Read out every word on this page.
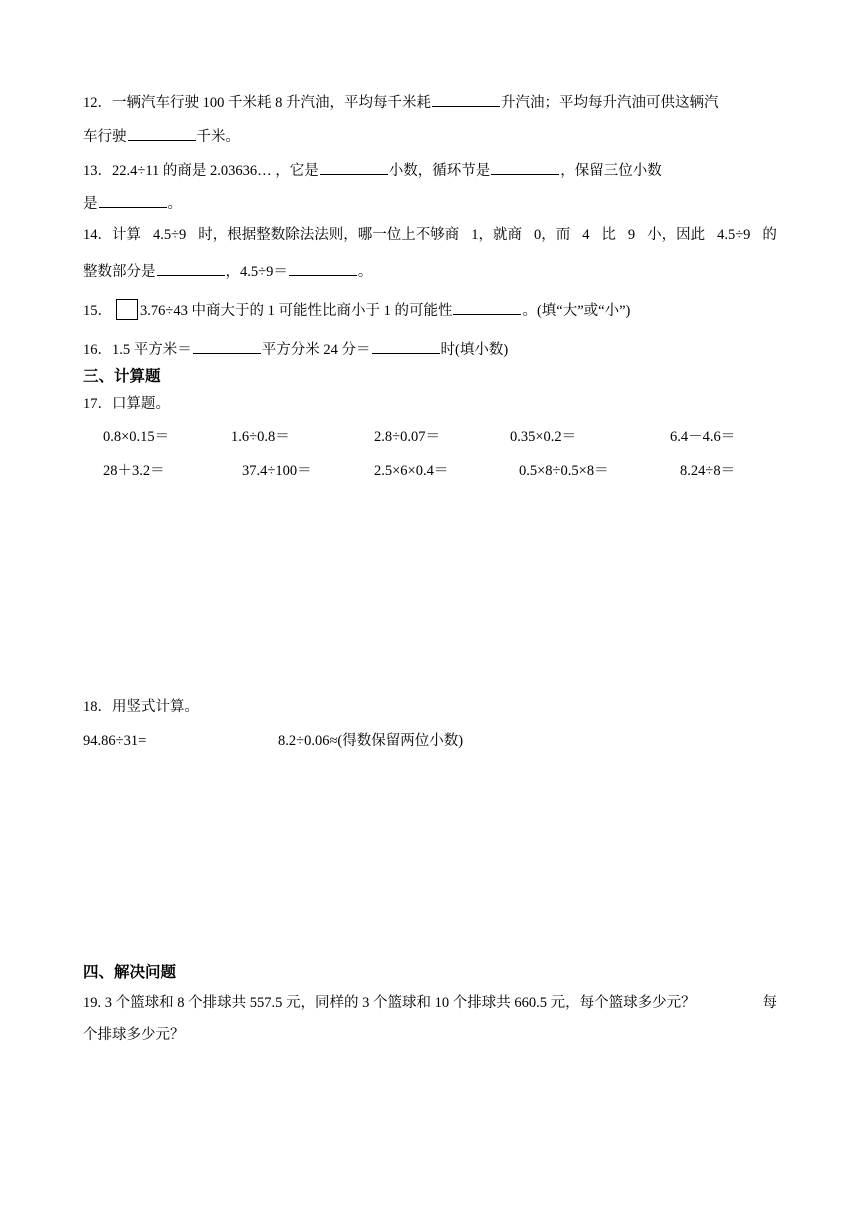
12．一辆汽车行驶 100 千米耗 8 升汽油，平均每千米耗	升汽油；平均每升汽油可供这辆汽
车行驶	千米。
13．22.4÷11 的商是 2.03636… ，它是	小数，循环节是	，保留三位小数
是	。
14．计算 4.5÷9 时，根据整数除法法则，哪一位上不够商 1，就商 0，而 4 比 9 小，因此 4.5÷9 的
整数部分是	，4.5÷9＝	。
15． 3.76÷43 中商大于的 1 可能性比商小于 1 的可能性	。(填“大”或“小”)
16．1.5 平方米＝	平方分米 24 分＝	时(填小数)
三、计算题
17．口算题。
0.8×0.15＝	1.6÷0.8＝	2.8÷0.07＝	0.35×0.2＝	6.4－4.6＝
28＋3.2＝	37.4÷100＝	2.5×6×0.4＝	0.5×8÷0.5×8＝	8.24÷8＝
18．用竖式计算。
94.86÷31=	8.2÷0.06≈(得数保留两位小数)
四、解决问题
19. 3 个篮球和 8 个排球共 557.5 元，同样的 3 个篮球和 10 个排球共 660.5 元，每个篮球多少元？	每
个排球多少元？
